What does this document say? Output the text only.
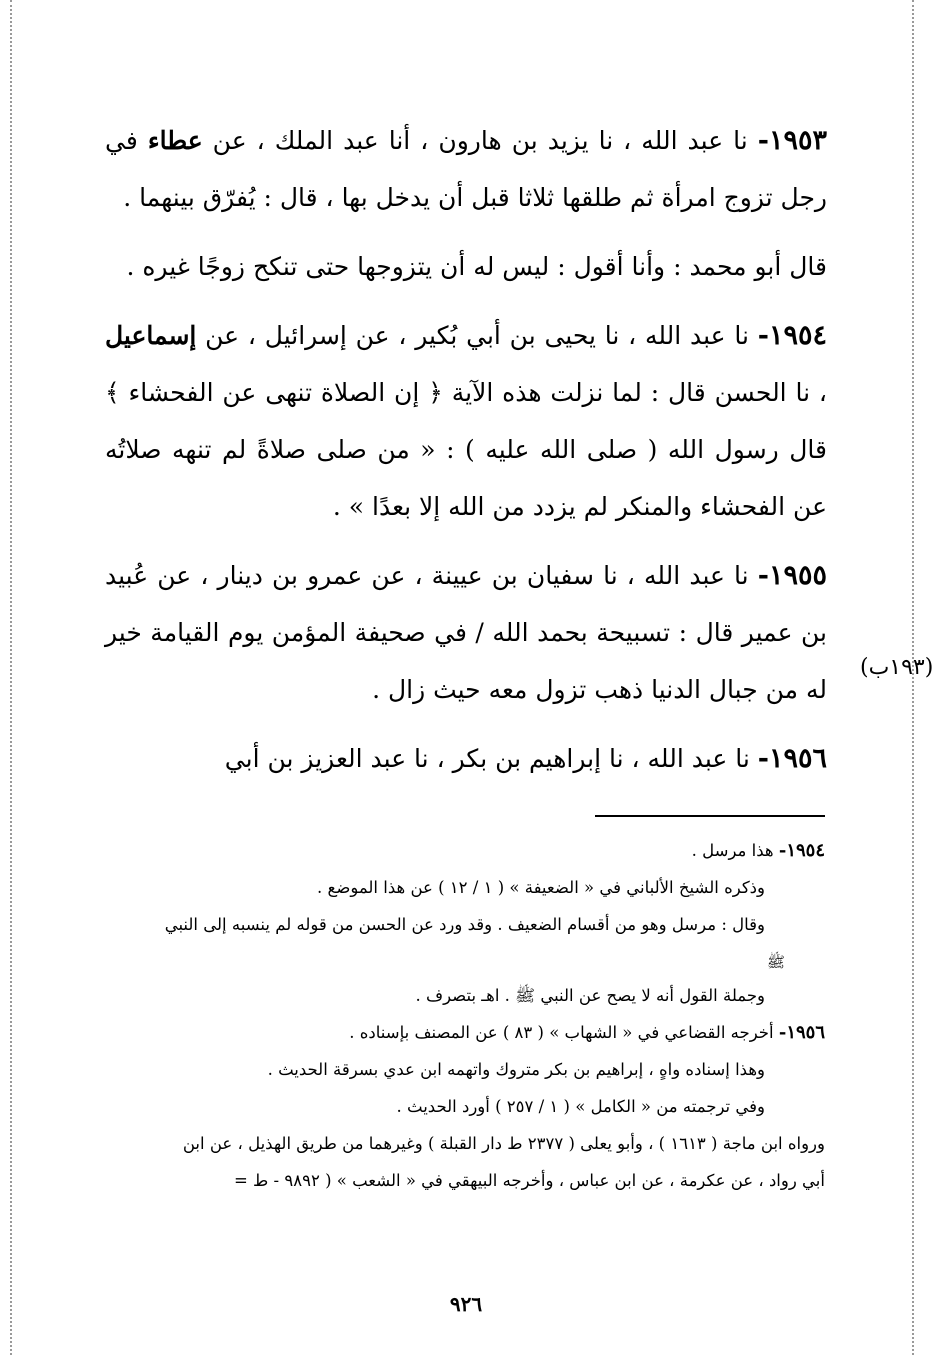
١٩٥٣- نا عبد الله ، نا يزيد بن هارون ، أنا عبد الملك ، عن عطاء في رجل تزوج امرأة ثم طلقها ثلاثا قبل أن يدخل بها ، قال : يُفرّق بينهما .

قال أبو محمد : وأنا أقول : ليس له أن يتزوجها حتى تنكح زوجًا غيره .

١٩٥٤- نا عبد الله ، نا يحيى بن أبي بُكير ، عن إسرائيل ، عن إسماعيل ، نا الحسن قال : لما نزلت هذه الآية ﴿ إن الصلاة تنهى عن الفحشاء ﴾ قال رسول الله ( صلى الله عليه ) : « من صلى صلاةً لم تنهه صلاتُه عن الفحشاء والمنكر لم يزدد من الله إلا بعدًا » .

١٩٥٥- نا عبد الله ، نا سفيان بن عيينة ، عن عمرو بن دينار ، عن عُبيد بن عمير قال : تسبيحة بحمد الله / في صحيفة المؤمن يوم القيامة خير له من جبال الدنيا ذهب تزول معه حيث زال .

١٩٥٦- نا عبد الله ، نا إبراهيم بن بكر ، نا عبد العزيز بن أبي

(١٩٣ب)
١٩٥٤- هذا مرسل .
وذكره الشيخ الألباني في « الضعيفة » ( ١ / ١٢ ) عن هذا الموضع .
وقال : مرسل وهو من أقسام الضعيف . وقد ورد عن الحسن من قوله لم ينسبه إلى النبي
ﷺ
وجملة القول أنه لا يصح عن النبي ﷺ . اهـ بتصرف .
١٩٥٦- أخرجه القضاعي في « الشهاب » ( ٨٣ ) عن المصنف بإسناده .
وهذا إسناده واهٍ ، إبراهيم بن بكر متروك واتهمه ابن عدي بسرقة الحديث .
وفي ترجمته من « الكامل » ( ١ / ٢٥٧ ) أورد الحديث .
ورواه ابن ماجة ( ١٦١٣ ) ، وأبو يعلى ( ٢٣٧٧ ط دار القبلة ) وغيرهما من طريق الهذيل ، عن ابن
أبي رواد ، عن عكرمة ، عن ابن عباس ، وأخرجه البيهقي في « الشعب » ( ٩٨٩٢ - ط =
٩٢٦
